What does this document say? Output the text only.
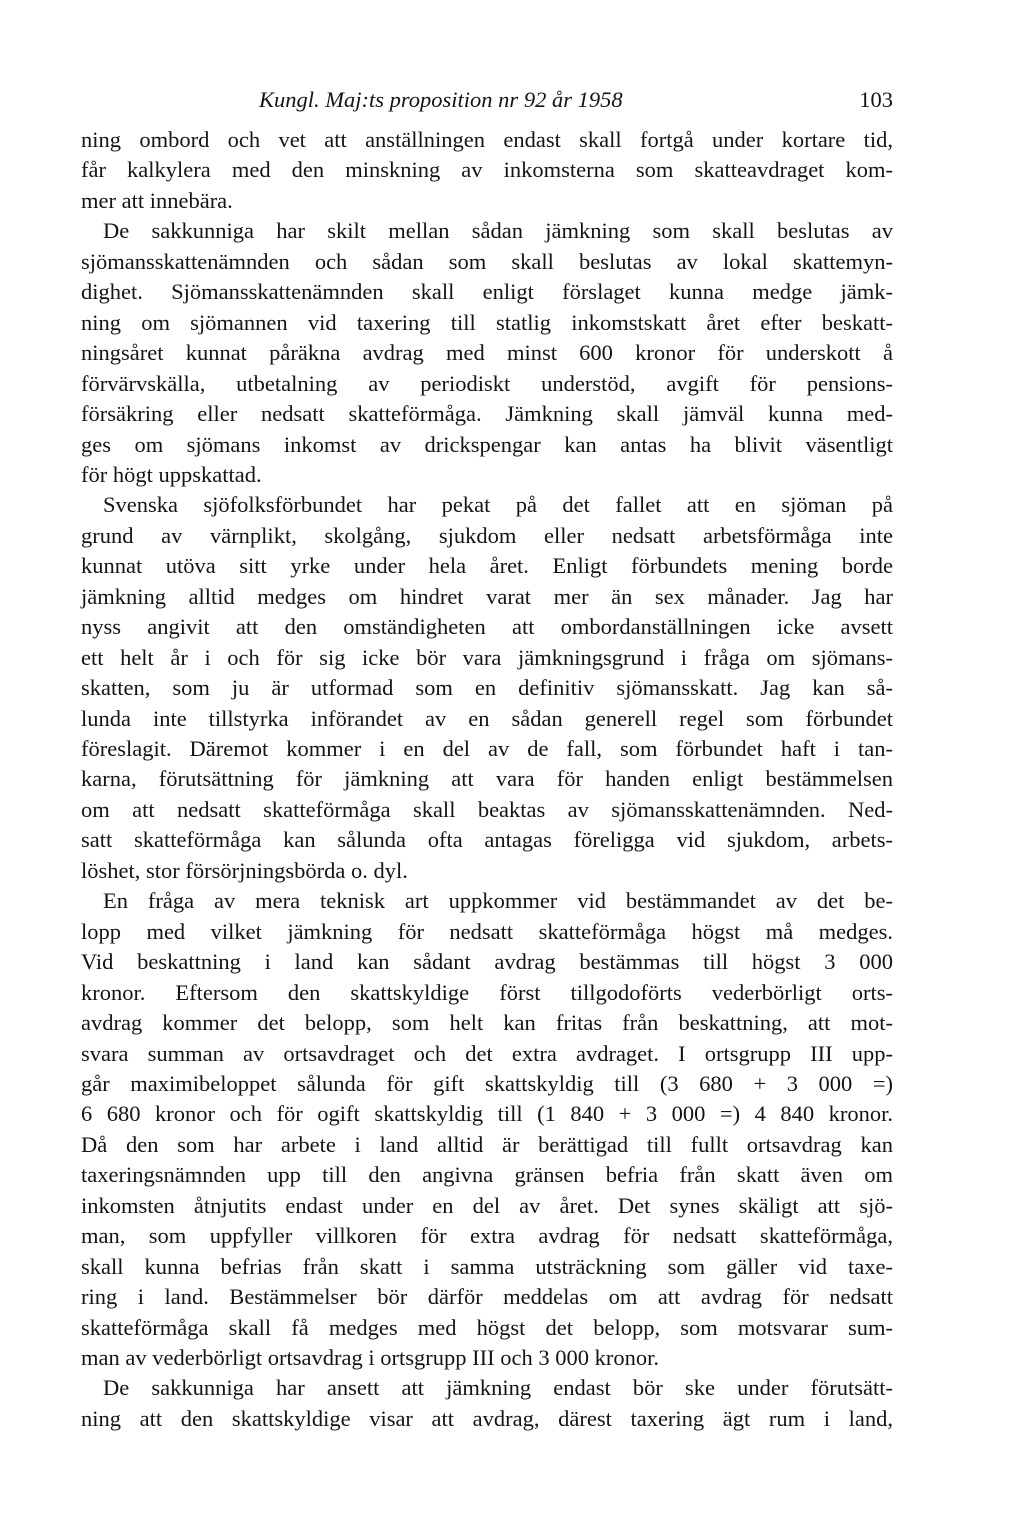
Kungl. Maj:ts proposition nr 92 år 1958	103
ning ombord och vet att anställningen endast skall fortgå under kortare tid,
får kalkylera med den minskning av inkomsterna som skatteavdraget kom-
mer att innebära.
De sakkunniga har skilt mellan sådan jämkning som skall beslutas av
sjömansskattenämnden och sådan som skall beslutas av lokal skattemyn-
dighet. Sjömansskattenämnden skall enligt förslaget kunna medge jämk-
ning om sjömannen vid taxering till statlig inkomstskatt året efter beskatt-
ningsåret kunnat påräkna avdrag med minst 600 kronor för underskott å
förvärvskälla, utbetalning av periodiskt understöd, avgift för pensions-
försäkring eller nedsatt skatteförmåga. Jämkning skall jämväl kunna med-
ges om sjömans inkomst av drickspengar kan antas ha blivit väsentligt
för högt uppskattad.
Svenska sjöfolksförbundet har pekat på det fallet att en sjöman på
grund av värnplikt, skolgång, sjukdom eller nedsatt arbetsförmåga inte
kunnat utöva sitt yrke under hela året. Enligt förbundets mening borde
jämkning alltid medges om hindret varat mer än sex månader. Jag har
nyss angivit att den omständigheten att ombordanställningen icke avsett
ett helt år i och för sig icke bör vara jämkningsgrund i fråga om sjömans-
skatten, som ju är utformad som en definitiv sjömansskatt. Jag kan så-
lunda inte tillstyrka införandet av en sådan generell regel som förbundet
föreslagit. Däremot kommer i en del av de fall, som förbundet haft i tan-
karna, förutsättning för jämkning att vara för handen enligt bestämmelsen
om att nedsatt skatteförmåga skall beaktas av sjömansskattenämnden. Ned-
satt skatteförmåga kan sålunda ofta antagas föreligga vid sjukdom, arbets-
löshet, stor försörjningsbörda o. dyl.
En fråga av mera teknisk art uppkommer vid bestämmandet av det be-
lopp med vilket jämkning för nedsatt skatteförmåga högst må medges.
Vid beskattning i land kan sådant avdrag bestämmas till högst 3 000
kronor. Eftersom den skattskyldige först tillgodoförts vederbörligt orts-
avdrag kommer det belopp, som helt kan fritas från beskattning, att mot-
svara summan av ortsavdraget och det extra avdraget. I ortsgrupp III upp-
går maximibeloppet sålunda för gift skattskyldig till (3 680 + 3 000 =)
6 680 kronor och för ogift skattskyldig till (1 840 + 3 000 =) 4 840 kronor.
Då den som har arbete i land alltid är berättigad till fullt ortsavdrag kan
taxeringsnämnden upp till den angivna gränsen befria från skatt även om
inkomsten åtnjutits endast under en del av året. Det synes skäligt att sjö-
man, som uppfyller villkoren för extra avdrag för nedsatt skatteförmåga,
skall kunna befrias från skatt i samma utsträckning som gäller vid taxe-
ring i land. Bestämmelser bör därför meddelas om att avdrag för nedsatt
skatteförmåga skall få medges med högst det belopp, som motsvarar sum-
man av vederbörligt ortsavdrag i ortsgrupp III och 3 000 kronor.
De sakkunniga har ansett att jämkning endast bör ske under förutsätt-
ning att den skattskyldige visar att avdrag, därest taxering ägt rum i land,
